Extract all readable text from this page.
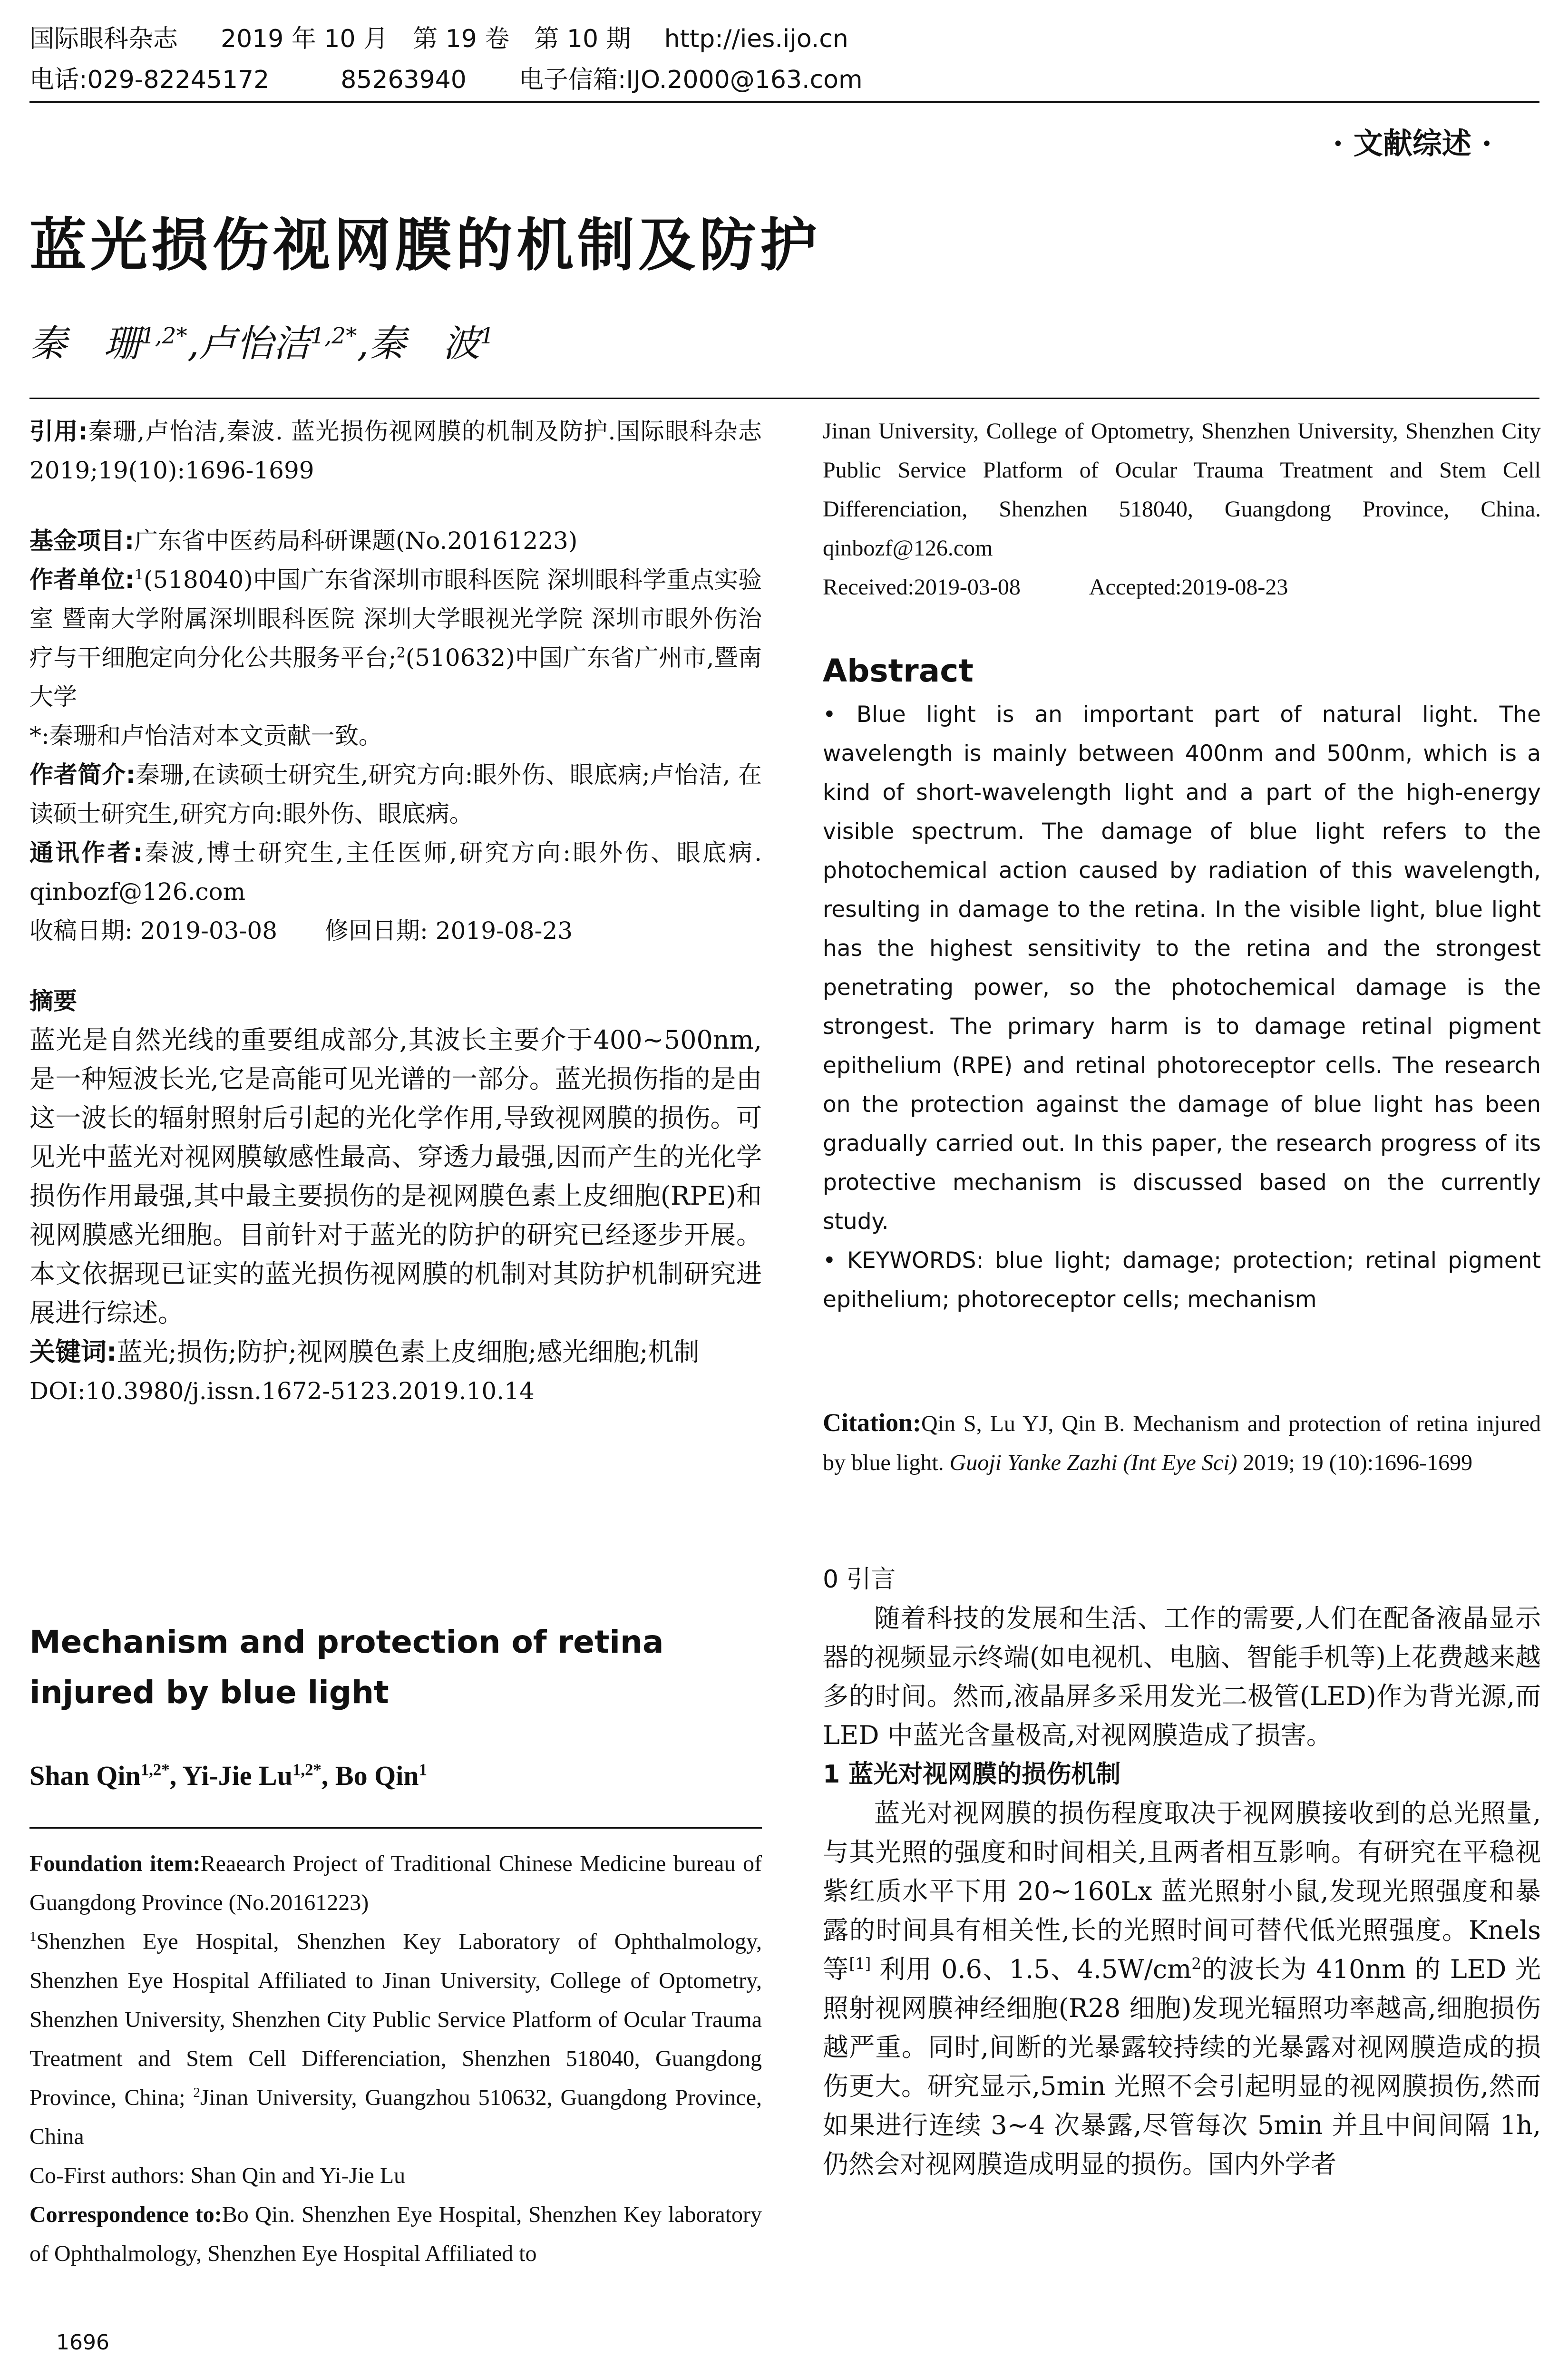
国际眼科杂志 2019 年 10 月　第 19 卷　第 10 期 http://ies.ijo.cn
电话:029-82245172	85263940 电子信箱:IJO.2000@163.com
· 文献综述 ·
蓝光损伤视网膜的机制及防护
秦　珊$^{1,2*}$,卢怡洁$^{1,2*}$,秦　波$^1$

引用:秦珊,卢怡洁,秦波. 蓝光损伤视网膜的机制及防护.国际眼科杂志 2019;19(10):1696-1699

基金项目:广东省中医药局科研课题(No.20161223)

作者单位:$^1$(518040)中国广东省深圳市眼科医院 深圳眼科学重点实验室 暨南大学附属深圳眼科医院 深圳大学眼视光学院 深圳市眼外伤治疗与干细胞定向分化公共服务平台;$^2$(510632)中国广东省广州市,暨南大学

*:秦珊和卢怡洁对本文贡献一致。

作者简介:秦珊,在读硕士研究生,研究方向:眼外伤、眼底病;卢怡洁, 在读硕士研究生,研究方向:眼外伤、眼底病。

通讯作者:秦波,博士研究生,主任医师,研究方向:眼外伤、眼底病. qinbozf@126.com

收稿日期: 2019-03-08　　修回日期: 2019-08-23

摘要

蓝光是自然光线的重要组成部分,其波长主要介于400~500nm,是一种短波长光,它是高能可见光谱的一部分。蓝光损伤指的是由这一波长的辐射照射后引起的光化学作用,导致视网膜的损伤。可见光中蓝光对视网膜敏感性最高、穿透力最强,因而产生的光化学损伤作用最强,其中最主要损伤的是视网膜色素上皮细胞(RPE)和视网膜感光细胞。目前针对于蓝光的防护的研究已经逐步开展。本文依据现已证实的蓝光损伤视网膜的机制对其防护机制研究进展进行综述。

关键词:蓝光;损伤;防护;视网膜色素上皮细胞;感光细胞;机制

DOI:10.3980/j.issn.1672-5123.2019.10.14

Mechanism and protection of retina injured by blue light
Shan Qin$^{1,2*}$, Yi-Jie $Lu^{1,2*}$, Bo Qin$^1$

Foundation item:Reaearch Project of Traditional Chinese Medicine bureau of Guangdong Province (No.20161223)

$^1$Shenzhen Eye Hospital, Shenzhen Key Laboratory of Ophthalmology, Shenzhen Eye Hospital Affiliated to Jinan University, College of Optometry, Shenzhen University, Shenzhen City Public Service Platform of Ocular Trauma Treatment and Stem Cell Differenciation, Shenzhen 518040, Guangdong Province, China; $^2$Jinan University, Guangzhou 510632, Guangdong Province, China

Co-First authors: Shan Qin and Yi-Jie Lu

Correspondence to:Bo Qin. Shenzhen Eye Hospital, Shenzhen Key laboratory of Ophthalmology, Shenzhen Eye Hospital Affiliated to

Jinan University, College of Optometry, Shenzhen University, Shenzhen City Public Service Platform of Ocular Trauma Treatment and Stem Cell Differenciation, Shenzhen 518040, Guangdong Province, China. qinbozf@126.com

Received:2019-03-08　　　Accepted:2019-08-23

Abstract

• Blue light is an important part of natural light. The wavelength is mainly between 400nm and 500nm, which is a kind of short-wavelength light and a part of the high-energy visible spectrum. The damage of blue light refers to the photochemical action caused by radiation of this wavelength, resulting in damage to the retina. In the visible light, blue light has the highest sensitivity to the retina and the strongest penetrating power, so the photochemical damage is the strongest. The primary harm is to damage retinal pigment epithelium (RPE) and retinal photoreceptor cells. The research on the protection against the damage of blue light has been gradually carried out. In this paper, the research progress of its protective mechanism is discussed based on the currently study.

• KEYWORDS: blue light; damage; protection; retinal pigment epithelium; photoreceptor cells; mechanism

Citation:Qin S, Lu YJ, Qin B. Mechanism and protection of retina injured by blue light. Guoji Yanke Zazhi (Int Eye Sci) 2019; 19 (10):1696-1699

0 引言

随着科技的发展和生活、工作的需要,人们在配备液晶显示器的视频显示终端(如电视机、电脑、智能手机等)上花费越来越多的时间。然而,液晶屏多采用发光二极管(LED)作为背光源,而 LED 中蓝光含量极高,对视网膜造成了损害。

1 蓝光对视网膜的损伤机制

蓝光对视网膜的损伤程度取决于视网膜接收到的总光照量,与其光照的强度和时间相关,且两者相互影响。有研究在平稳视紫红质水平下用 20~160Lx 蓝光照射小鼠,发现光照强度和暴露的时间具有相关性,长的光照时间可替代低光照强度。Knels 等[1] 利用 0.6、1.5、$4.5W/cm^2$的波长为 410nm 的 LED 光照射视网膜神经细胞(R28 细胞)发现光辐照功率越高,细胞损伤越严重。同时,间断的光暴露较持续的光暴露对视网膜造成的损伤更大。研究显示,5min 光照不会引起明显的视网膜损伤,然而如果进行连续 3~4 次暴露,尽管每次 5min 并且中间间隔 1h,仍然会对视网膜造成明显的损伤。国内外学者

1696
